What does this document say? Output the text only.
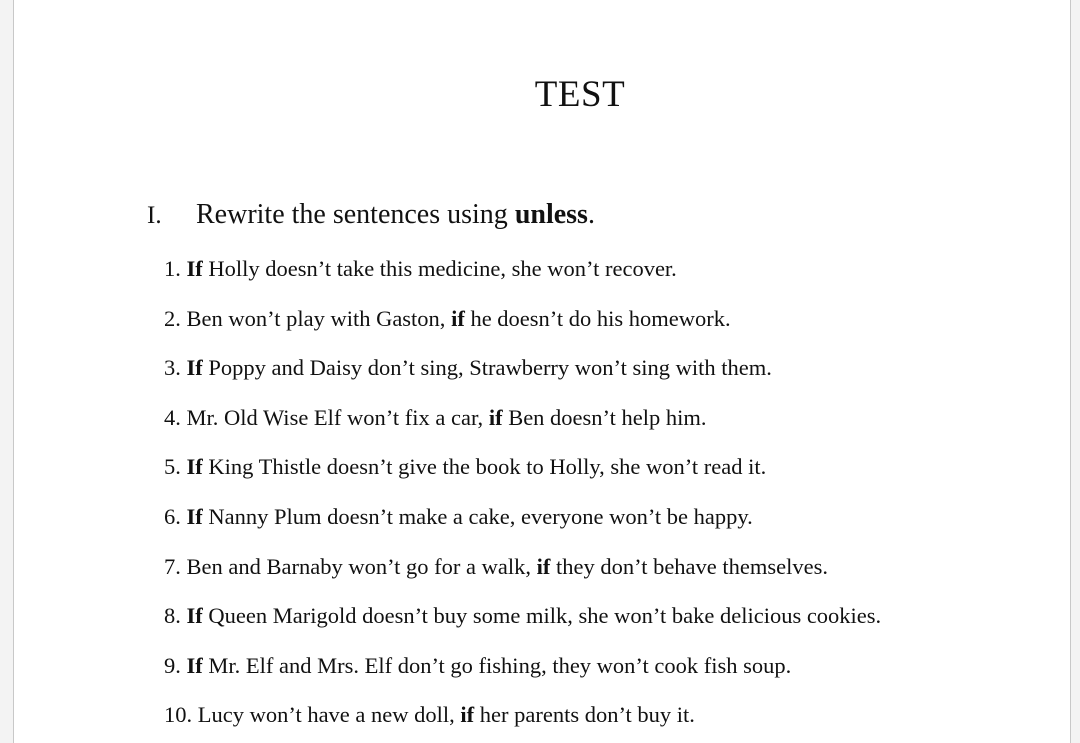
TEST
I. Rewrite the sentences using unless.
1. If Holly doesn’t take this medicine, she won’t recover.
2. Ben won’t play with Gaston, if he doesn’t do his homework.
3. If Poppy and Daisy don’t sing, Strawberry won’t sing with them.
4. Mr. Old Wise Elf won’t fix a car, if Ben doesn’t help him.
5. If King Thistle doesn’t give the book to Holly, she won’t read it.
6. If Nanny Plum doesn’t make a cake, everyone won’t be happy.
7. Ben and Barnaby won’t go for a walk, if they don’t behave themselves.
8. If Queen Marigold doesn’t buy some milk, she won’t bake delicious cookies.
9. If Mr. Elf and Mrs. Elf don’t go fishing, they won’t cook fish soup.
10. Lucy won’t have a new doll, if her parents don’t buy it.
